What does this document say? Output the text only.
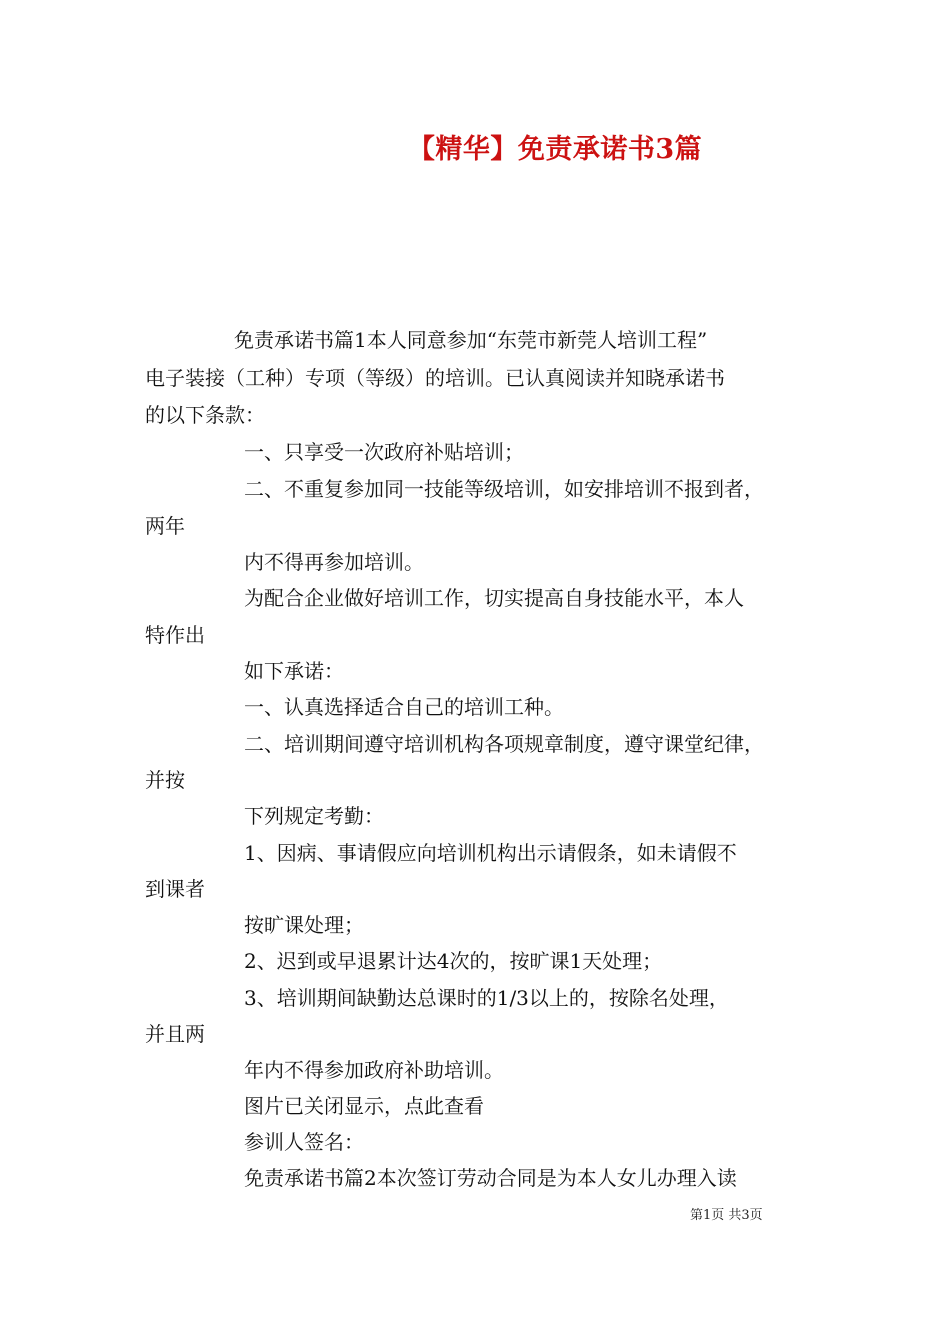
【精华】免责承诺书3篇
免责承诺书篇1本人同意参加“东莞市新莞人培训工程”
电子装接（工种）专项（等级）的培训。已认真阅读并知晓承诺书
的以下条款：
一、只享受一次政府补贴培训；
二、不重复参加同一技能等级培训，如安排培训不报到者，
两年
内不得再参加培训。
为配合企业做好培训工作，切实提高自身技能水平，本人
特作出
如下承诺：
一、认真选择适合自己的培训工种。
二、培训期间遵守培训机构各项规章制度，遵守课堂纪律，
并按
下列规定考勤：
1、因病、事请假应向培训机构出示请假条，如未请假不
到课者
按旷课处理；
2、迟到或早退累计达4次的，按旷课1天处理；
3、培训期间缺勤达总课时的1/3以上的，按除名处理，
并且两
年内不得参加政府补助培训。
图片已关闭显示，点此查看
参训人签名：
免责承诺书篇2本次签订劳动合同是为本人女儿办理入读
第1页 共3页
